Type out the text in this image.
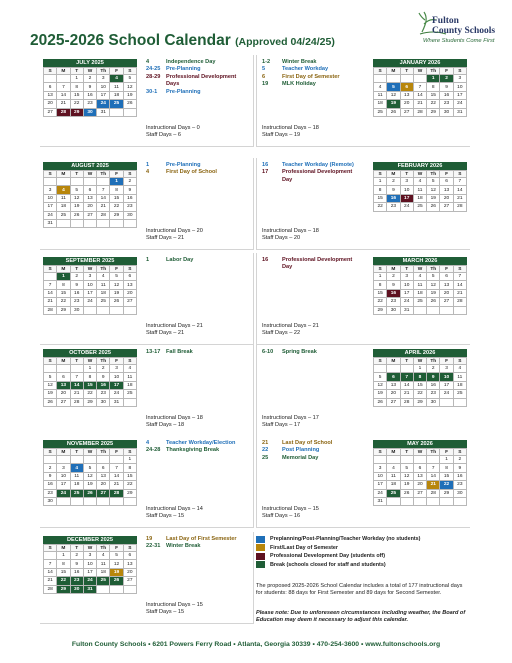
2025-2026 School Calendar (Approved 04/24/25)
Fulton
County Schools
Where Students Come First
JULY 2025
S	M	T	W	Th	F	S
		1	2	3	4	5
6	7	8	9	10	11	12
13	14	15	16	17	18	19
20	21	22	23	24	25	26
27	28	29	30	31		
4	Independence Day
24-25	Pre-Planning
28-29	Professional Development Days
30-1	Pre-Planning
Instructional Days – 0
Staff Days – 6
JANUARY 2026
S	M	T	W	Th	F	S
				1	2	3
4	5	6	7	8	9	10
11	12	13	14	15	16	17
18	19	20	21	22	23	24
25	26	27	28	29	30	31
1-2	Winter Break
5	Teacher Workday
6	First Day of Semester
19	MLK Holiday
Instructional Days – 18
Staff Days – 19
AUGUST 2025
S	M	T	W	Th	F	S
					1	2
3	4	5	6	7	8	9
10	11	12	13	14	15	16
17	18	19	20	21	22	23
24	25	26	27	28	29	30
31						
1	Pre-Planning
4	First Day of School
Instructional Days – 20
Staff Days – 21
FEBRUARY 2026
S	M	T	W	Th	F	S
1	2	3	4	5	6	7
8	9	10	11	12	13	14
15	16	17	18	19	20	21
22	23	24	25	26	27	28
16	Teacher Workday (Remote)
17	Professional Development Day
Instructional Days – 18
Staff Days – 20
SEPTEMBER 2025
S	M	T	W	Th	F	S
	1	2	3	4	5	6
7	8	9	10	11	12	13
14	15	16	17	18	19	20
21	22	23	24	25	26	27
28	29	30				
1	Labor Day
Instructional Days – 21
Staff Days – 21
MARCH 2026
S	M	T	W	Th	F	S
1	2	3	4	5	6	7
8	9	10	11	12	13	14
15	16	17	18	19	20	21
22	23	24	25	26	27	28
29	30	31				
16	Professional Development Day
Instructional Days – 21
Staff Days – 22
OCTOBER 2025
S	M	T	W	Th	F	S
			1	2	3	4
5	6	7	8	9	10	11
12	13	14	15	16	17	18
19	20	21	22	23	24	25
26	27	28	29	30	31	
13-17	Fall Break
Instructional Days – 18
Staff Days – 18
APRIL 2026
S	M	T	W	Th	F	S
			1	2	3	4
5	6	7	8	9	10	11
12	13	14	15	16	17	18
19	20	21	22	23	24	25
26	27	28	29	30		
6-10	Spring Break
Instructional Days – 17
Staff Days – 17
NOVEMBER 2025
S	M	T	W	Th	F	S
						1
2	3	4	5	6	7	8
9	10	11	12	13	14	15
16	17	18	19	20	21	22
23	24	25	26	27	28	29
30						
4	Teacher Workday/Election
24-28	Thanksgiving Break
Instructional Days – 14
Staff Days – 15
MAY 2026
S	M	T	W	Th	F	S
					1	2
3	4	5	6	7	8	9
10	11	12	13	14	15	16
17	18	19	20	21	22	23
24	25	26	27	28	29	30
31						
21	Last Day of School
22	Post Planning
25	Memorial Day
Instructional Days – 15
Staff Days – 16
DECEMBER 2025
S	M	T	W	Th	F	S
	1	2	3	4	5	6
7	8	9	10	11	12	13
14	15	16	17	18	19	20
21	22	23	24	25	26	27
28	29	30	31			
19	Last Day of First Semester
22-31	Winter Break
Instructional Days – 15
Staff Days – 15
Preplanning/Post-Planning/Teacher Workday (no students)
First/Last Day of Semester
Professional Development Day (students off)
Break (schools closed for staff and students)
The proposed 2025-2026 School Calendar includes a total of 177 instructional days for students: 88 days for First Semester and 89 days for Second Semester.
Please note: Due to unforeseen circumstances including weather, the Board of Education may deem it necessary to adjust this calendar.
Fulton County Schools • 6201 Powers Ferry Road • Atlanta, Georgia 30339 • 470-254-3600 • www.fultonschools.org
